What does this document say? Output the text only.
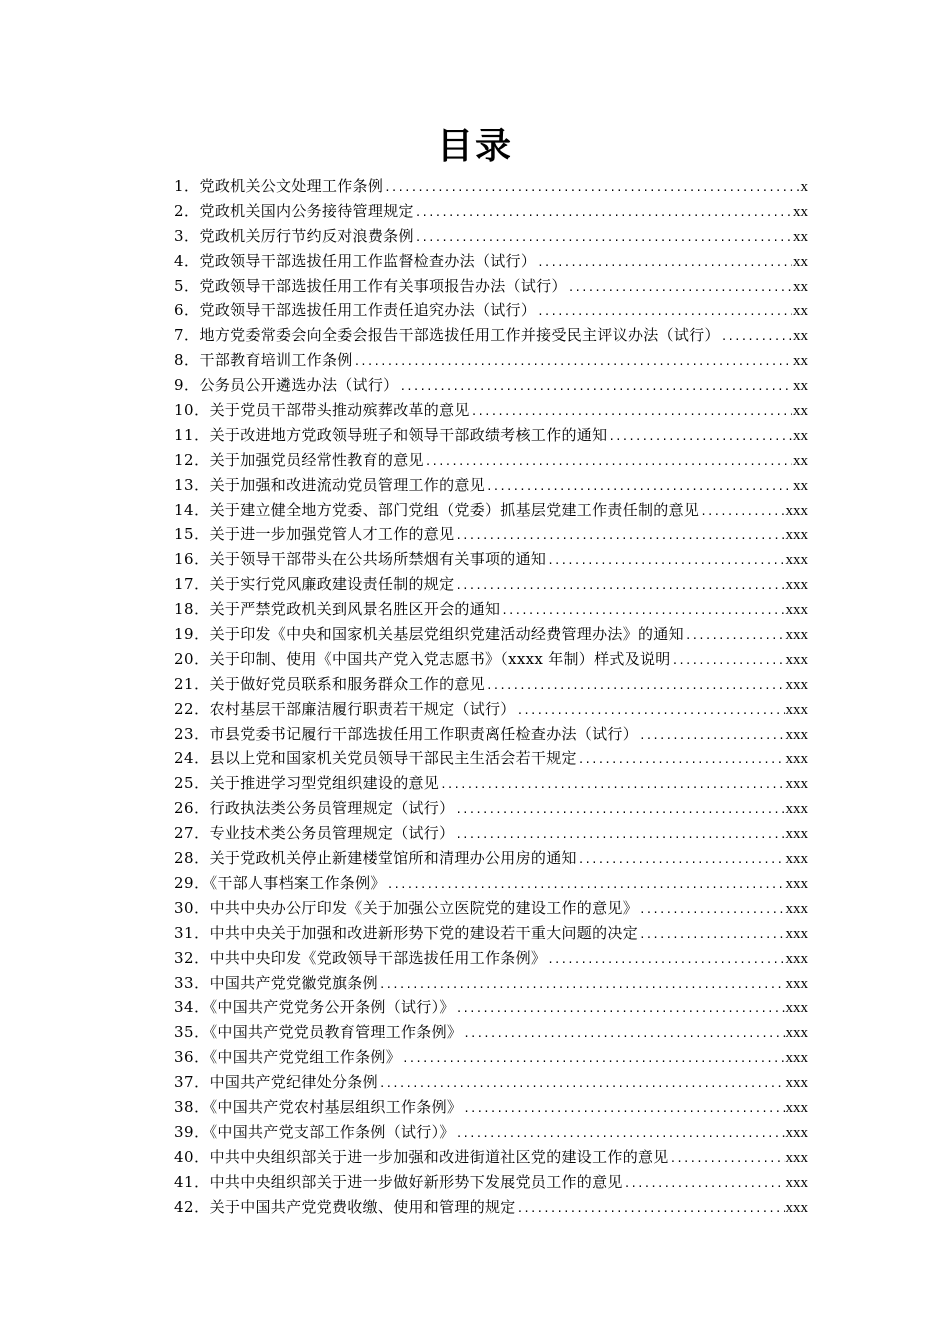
目录
1．党政机关公文处理工作条例 .....	x
2．党政机关国内公务接待管理规定 .....	xx
3．党政机关厉行节约反对浪费条例 .....	xx
4．党政领导干部选拔任用工作监督检查办法（试行） .....	xx
5．党政领导干部选拔任用工作有关事项报告办法（试行） .....	xx
6．党政领导干部选拔任用工作责任追究办法（试行） .....	xx
7．地方党委常委会向全委会报告干部选拔任用工作并接受民主评议办法（试行） .....	xx
8．干部教育培训工作条例 .....	xx
9．公务员公开遴选办法（试行） .....	xx
10．关于党员干部带头推动殡葬改革的意见 .....	xx
11．关于改进地方党政领导班子和领导干部政绩考核工作的通知 .....	xx
12．关于加强党员经常性教育的意见 .....	xx
13．关于加强和改进流动党员管理工作的意见 .....	xx
14．关于建立健全地方党委、部门党组（党委）抓基层党建工作责任制的意见 .....	xxx
15．关于进一步加强党管人才工作的意见 .....	xxx
16．关于领导干部带头在公共场所禁烟有关事项的通知 .....	xxx
17．关于实行党风廉政建设责任制的规定 .....	xxx
18．关于严禁党政机关到风景名胜区开会的通知 .....	xxx
19．关于印发《中央和国家机关基层党组织党建活动经费管理办法》的通知 .....	xxx
20．关于印制、使用《中国共产党入党志愿书》（xxxx 年制）样式及说明 .....	xxx
21．关于做好党员联系和服务群众工作的意见 .....	xxx
22．农村基层干部廉洁履行职责若干规定（试行） .....	xxx
23．市县党委书记履行干部选拔任用工作职责离任检查办法（试行） .....	xxx
24．县以上党和国家机关党员领导干部民主生活会若干规定 .....	xxx
25．关于推进学习型党组织建设的意见 .....	xxx
26．行政执法类公务员管理规定（试行） .....	xxx
27．专业技术类公务员管理规定（试行） .....	xxx
28．关于党政机关停止新建楼堂馆所和清理办公用房的通知 .....	xxx
29．《干部人事档案工作条例》 .....	xxx
30．中共中央办公厅印发《关于加强公立医院党的建设工作的意见》 .....	xxx
31．中共中央关于加强和改进新形势下党的建设若干重大问题的决定 .....	xxx
32．中共中央印发《党政领导干部选拔任用工作条例》 .....	xxx
33．中国共产党党徽党旗条例 .....	xxx
34．《中国共产党党务公开条例（试行）》 .....	xxx
35．《中国共产党党员教育管理工作条例》 .....	xxx
36．《中国共产党党组工作条例》 .....	xxx
37．中国共产党纪律处分条例 .....	xxx
38．《中国共产党农村基层组织工作条例》 .....	xxx
39．《中国共产党支部工作条例（试行）》 .....	xxx
40．中共中央组织部关于进一步加强和改进街道社区党的建设工作的意见 .....	xxx
41．中共中央组织部关于进一步做好新形势下发展党员工作的意见 .....	xxx
42．关于中国共产党党费收缴、使用和管理的规定 .....	xxx
